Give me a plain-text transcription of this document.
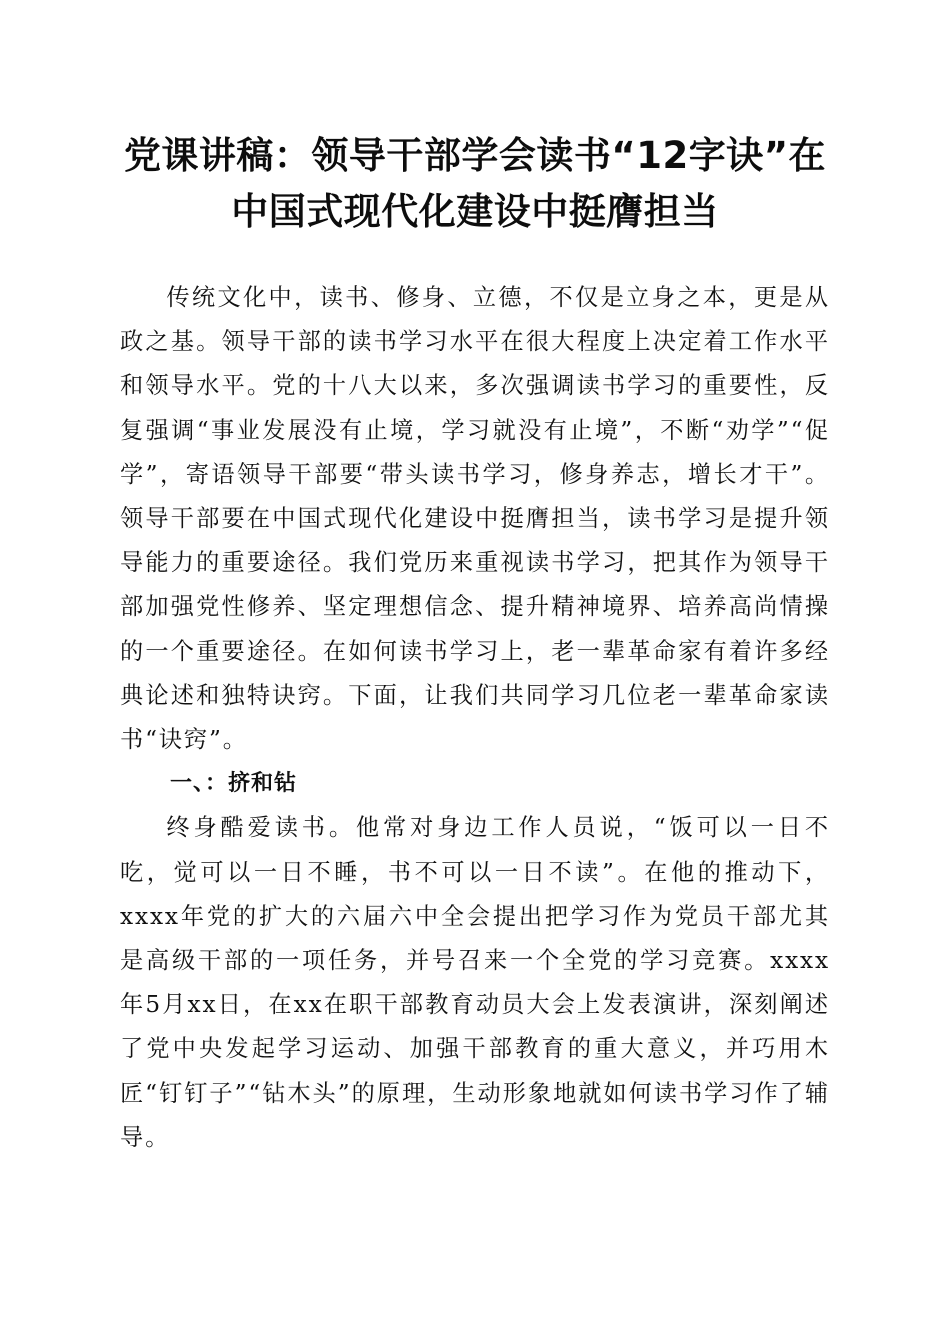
党课讲稿：领导干部学会读书“12字诀”在
中国式现代化建设中挺膺担当

传统文化中，读书、修身、立德，不仅是立身之本，更是从政之基。领导干部的读书学习水平在很大程度上决定着工作水平和领导水平。党的十八大以来，多次强调读书学习的重要性，反复强调“事业发展没有止境，学习就没有止境”，不断“劝学”“促学”，寄语领导干部要“带头读书学习，修身养志，增长才干”。领导干部要在中国式现代化建设中挺膺担当，读书学习是提升领导能力的重要途径。我们党历来重视读书学习，把其作为领导干部加强党性修养、坚定理想信念、提升精神境界、培养高尚情操的一个重要途径。在如何读书学习上，老一辈革命家有着许多经典论述和独特诀窍。下面，让我们共同学习几位老一辈革命家读书“诀窍”。

一、：挤和钻

终身酷爱读书。他常对身边工作人员说，“饭可以一日不吃，觉可以一日不睡，书不可以一日不读”。在他的推动下，xxxx年党的扩大的六届六中全会提出把学习作为党员干部尤其是高级干部的一项任务，并号召来一个全党的学习竞赛。xxxx年5月xx日，在xx在职干部教育动员大会上发表演讲，深刻阐述了党中央发起学习运动、加强干部教育的重大意义，并巧用木匠“钉钉子”“钻木头”的原理，生动形象地就如何读书学习作了辅导。
